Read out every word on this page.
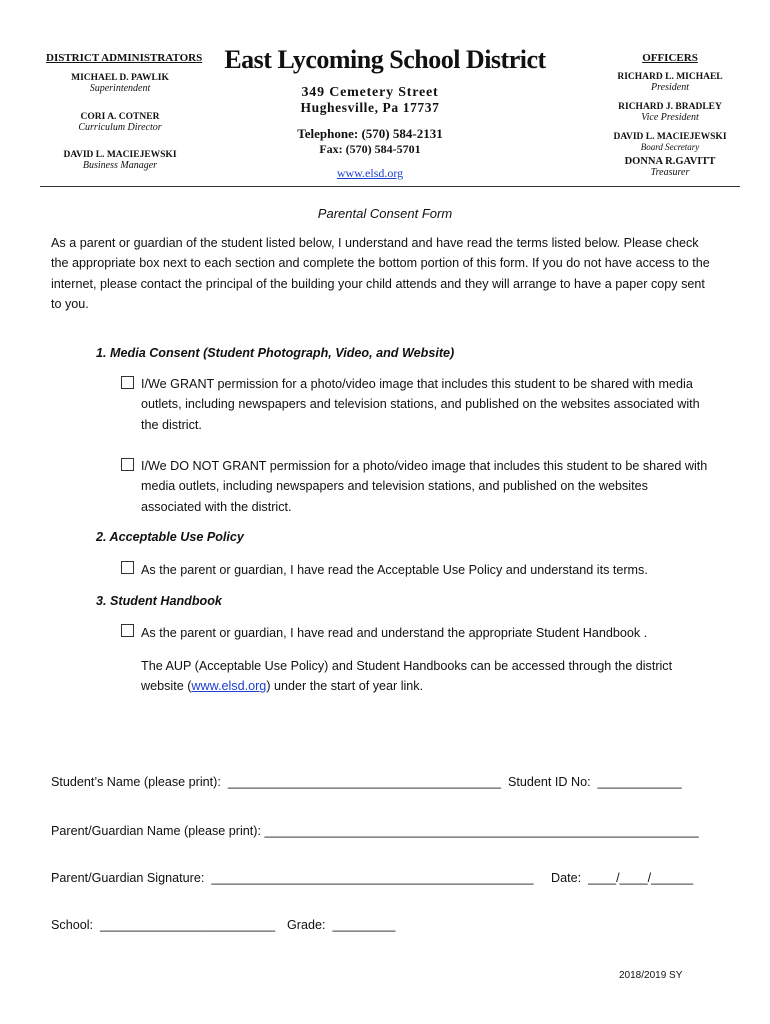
DISTRICT ADMINISTRATORS
MICHAEL D. PAWLIK
Superintendent
CORI A. COTNER
Curriculum Director
DAVID L. MACIEJEWSKI
Business Manager
East Lycoming School District
349 Cemetery Street
Hughesville, Pa 17737
Telephone: (570) 584-2131
Fax: (570) 584-5701
www.elsd.org
OFFICERS
RICHARD L. MICHAEL
President
RICHARD J. BRADLEY
Vice President
DAVID L. MACIEJEWSKI
Board Secretary
DONNA R.GAVITT
Treasurer
Parental Consent Form
As a parent or guardian of the student listed below, I understand and have read the terms listed below. Please check the appropriate box next to each section and complete the bottom portion of this form. If you do not have access to the internet, please contact the principal of the building your child attends and they will arrange to have a paper copy sent to you.
1. Media Consent (Student Photograph, Video, and Website)
I/We GRANT permission for a photo/video image that includes this student to be shared with media outlets, including newspapers and television stations, and published on the websites associated with the district.
I/We DO NOT GRANT permission for a photo/video image that includes this student to be shared with media outlets, including newspapers and television stations, and published on the websites associated with the district.
2. Acceptable Use Policy
As the parent or guardian, I have read the Acceptable Use Policy and understand its terms.
3. Student Handbook
As the parent or guardian, I have read and understand the appropriate Student Handbook .
The AUP (Acceptable Use Policy) and Student Handbooks can be accessed through the district website (www.elsd.org) under the start of year link.
Student’s Name (please print):  _______________________________________ Student ID No:  ____________
Parent/Guardian Name (please print): ______________________________________________________________
Parent/Guardian Signature:  ______________________________________________ Date:  ____/____/______
School:  _________________________ Grade:  _________
2018/2019 SY
